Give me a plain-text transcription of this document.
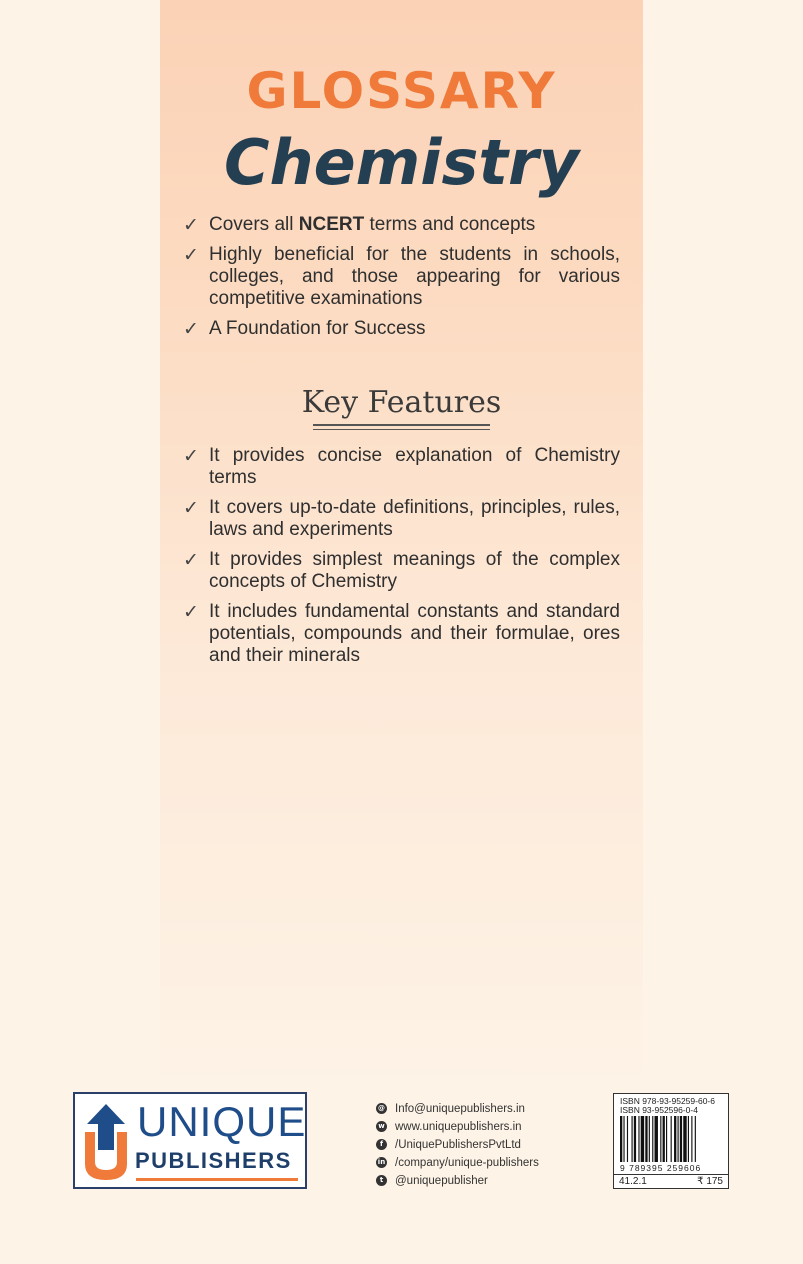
GLOSSARY
Chemistry
✓ Covers all NCERT terms and concepts
✓ Highly beneficial for the students in schools, colleges, and those appearing for various competitive examinations
✓ A Foundation for Success
Key Features
✓ It provides concise explanation of Chemistry terms
✓ It covers up-to-date definitions, principles, rules, laws and experiments
✓ It provides simplest meanings of the complex concepts of Chemistry
✓ It includes fundamental constants and standard potentials, compounds and their formulae, ores and their minerals
UNIQUE
PUBLISHERS
@ Info@uniquepublishers.in
w www.uniquepublishers.in
f	/UniquePublishersPvtLtd
in /company/unique-publishers
t	@uniquepublisher
ISBN 978-93-95259-60-6
ISBN 93-952596-0-4
9 789395 259606
41.2.1	₹ 175
